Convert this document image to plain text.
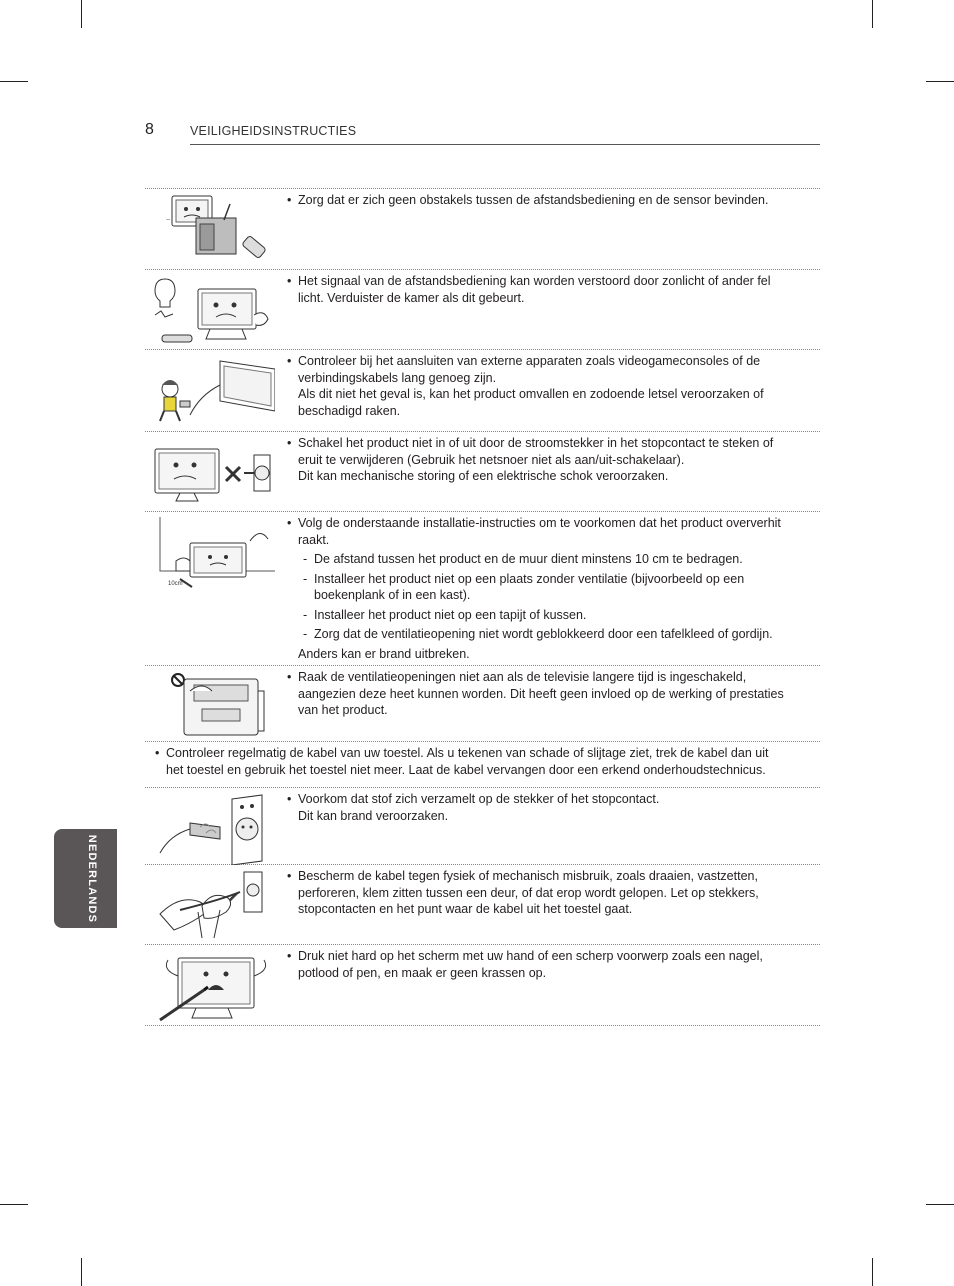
8	VEILIGHEIDSINSTRUCTIES
NEDERLANDS
~
• Zorg dat er zich geen obstakels tussen de afstandsbediening en de sensor bevinden.
• Het signaal van de afstandsbediening kan worden verstoord door zonlicht of ander fel
licht. Verduister de kamer als dit gebeurt.
• Controleer bij het aansluiten van externe apparaten zoals videogameconsoles of de
verbindingskabels lang genoeg zijn.
Als dit niet het geval is, kan het product omvallen en zodoende letsel veroorzaken of
beschadigd raken.
• Schakel het product niet in of uit door de stroomstekker in het stopcontact te steken of
eruit te verwijderen (Gebruik het netsnoer niet als aan/uit-schakelaar).
Dit kan mechanische storing of een elektrische schok veroorzaken.
10cm
• Volg de onderstaande installatie-instructies om te voorkomen dat het product oververhit
raakt.
- De afstand tussen het product en de muur dient minstens 10 cm te bedragen.
- Installeer het product niet op een plaats zonder ventilatie (bijvoorbeeld op een
boekenplank of in een kast).
- Installeer het product niet op een tapijt of kussen.
- Zorg dat de ventilatieopening niet wordt geblokkeerd door een tafelkleed of gordijn.
Anders kan er brand uitbreken.
• Raak de ventilatieopeningen niet aan als de televisie langere tijd is ingeschakeld,
aangezien deze heet kunnen worden. Dit heeft geen invloed op de werking of prestaties
van het product.
• Controleer regelmatig de kabel van uw toestel. Als u tekenen van schade of slijtage ziet, trek de kabel dan uit
het toestel en gebruik het toestel niet meer. Laat de kabel vervangen door een erkend onderhoudstechnicus.
• Voorkom dat stof zich verzamelt op de stekker of het stopcontact.
Dit kan brand veroorzaken.
• Bescherm de kabel tegen fysiek of mechanisch misbruik, zoals draaien, vastzetten,
perforeren, klem zitten tussen een deur, of dat erop wordt gelopen. Let op stekkers,
stopcontacten en het punt waar de kabel uit het toestel gaat.
• Druk niet hard op het scherm met uw hand of een scherp voorwerp zoals een nagel,
potlood of pen, en maak er geen krassen op.
